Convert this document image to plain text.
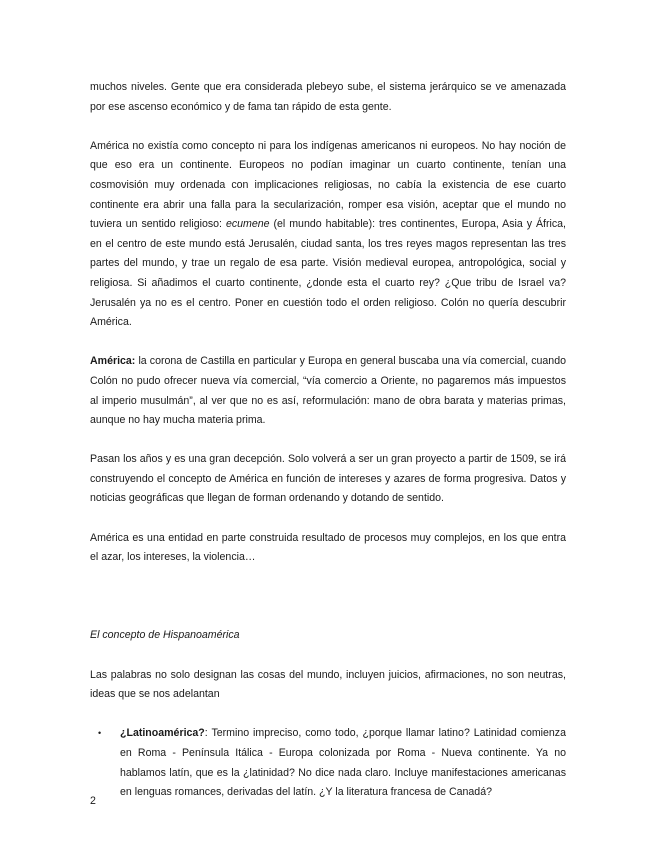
muchos niveles. Gente que era considerada plebeyo sube, el sistema jerárquico se ve amenazada por ese ascenso económico y de fama tan rápido de esta gente.

América no existía como concepto ni para los indígenas americanos ni europeos. No hay noción de que eso era un continente. Europeos no podían imaginar un cuarto continente, tenían una cosmovisión muy ordenada con implicaciones religiosas, no cabía la existencia de ese cuarto continente era abrir una falla para la secularización, romper esa visión, aceptar que el mundo no tuviera un sentido religioso: ecumene (el mundo habitable): tres continentes, Europa, Asia y África, en el centro de este mundo está Jerusalén, ciudad santa, los tres reyes magos representan las tres partes del mundo, y trae un regalo de esa parte. Visión medieval europea, antropológica, social y religiosa. Si añadimos el cuarto continente, ¿donde esta el cuarto rey? ¿Que tribu de Israel va? Jerusalén ya no es el centro. Poner en cuestión todo el orden religioso. Colón no quería descubrir América.

América: la corona de Castilla en particular y Europa en general buscaba una vía comercial, cuando Colón no pudo ofrecer nueva vía comercial, “vía comercio a Oriente, no pagaremos más impuestos al imperio musulmán”, al ver que no es así, reformulación: mano de obra barata y materias primas, aunque no hay mucha materia prima.

Pasan los años y es una gran decepción. Solo volverá a ser un gran proyecto a partir de 1509, se irá construyendo el concepto de América en función de intereses y azares de forma progresiva. Datos y noticias geográficas que llegan de forman ordenando y dotando de sentido.

América es una entidad en parte construida resultado de procesos muy complejos, en los que entra el azar, los intereses, la violencia…

El concepto de Hispanoamérica

Las palabras no solo designan las cosas del mundo, incluyen juicios, afirmaciones, no son neutras, ideas que se nos adelantan

• ¿Latinoamérica?: Termino impreciso, como todo, ¿porque llamar latino? Latinidad comienza en Roma - Península Itálica - Europa colonizada por Roma - Nueva continente. Ya no hablamos latín, que es la ¿latinidad? No dice nada claro. Incluye manifestaciones americanas en lenguas romances, derivadas del latín. ¿Y la literatura francesa de Canadá?
2
